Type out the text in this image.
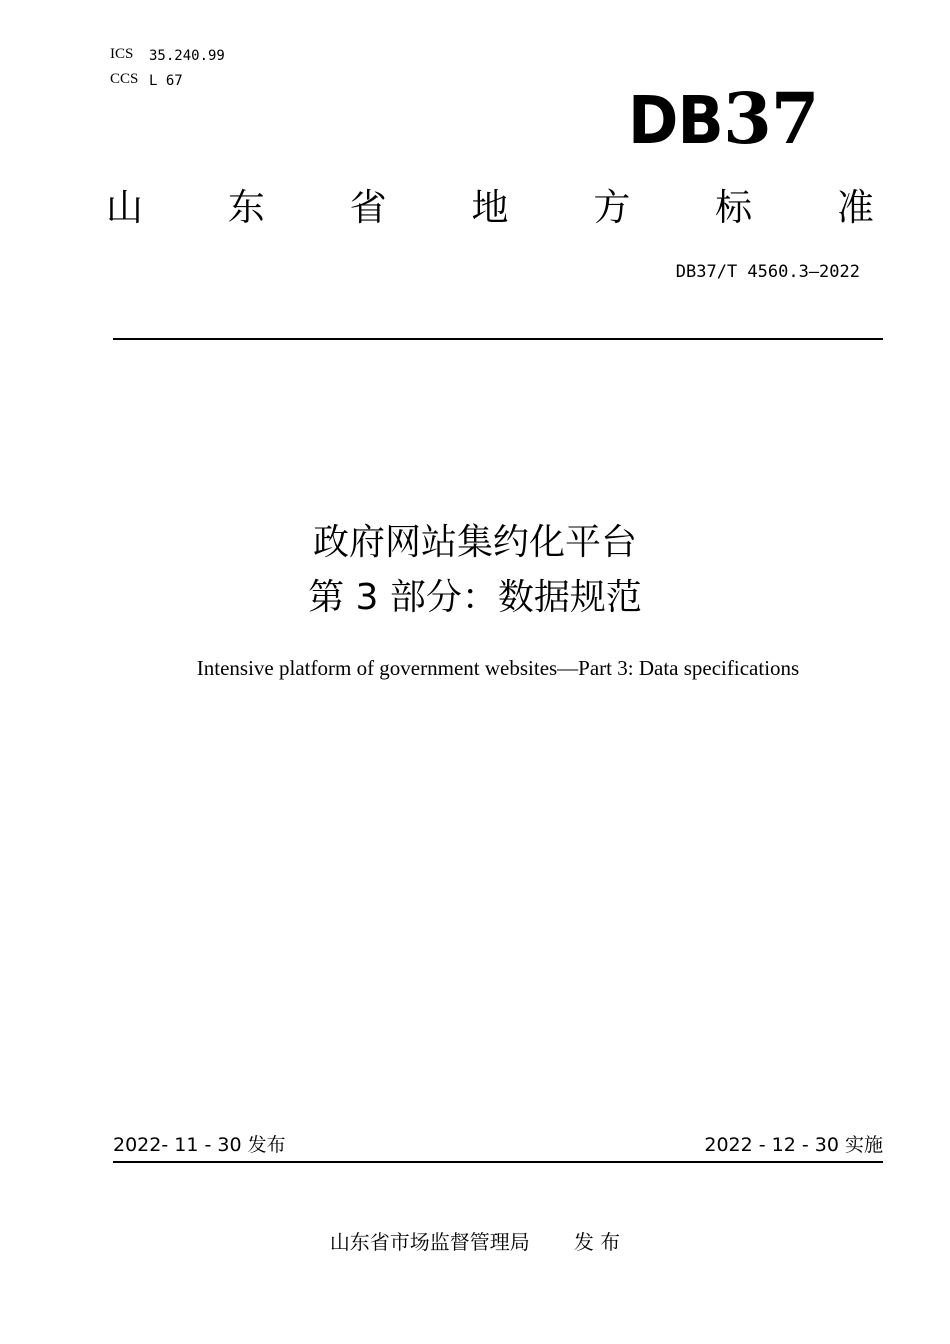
ICS 35.240.99
CCS L 67
DB37
山 东 省 地 方 标 准
DB37/T 4560.3—2022
政府网站集约化平台
第 3 部分：数据规范
Intensive platform of government websites—Part 3: Data specifications
2022- 11 - 30 发布	2022 - 12 - 30 实施
山东省市场监督管理局 发 布
